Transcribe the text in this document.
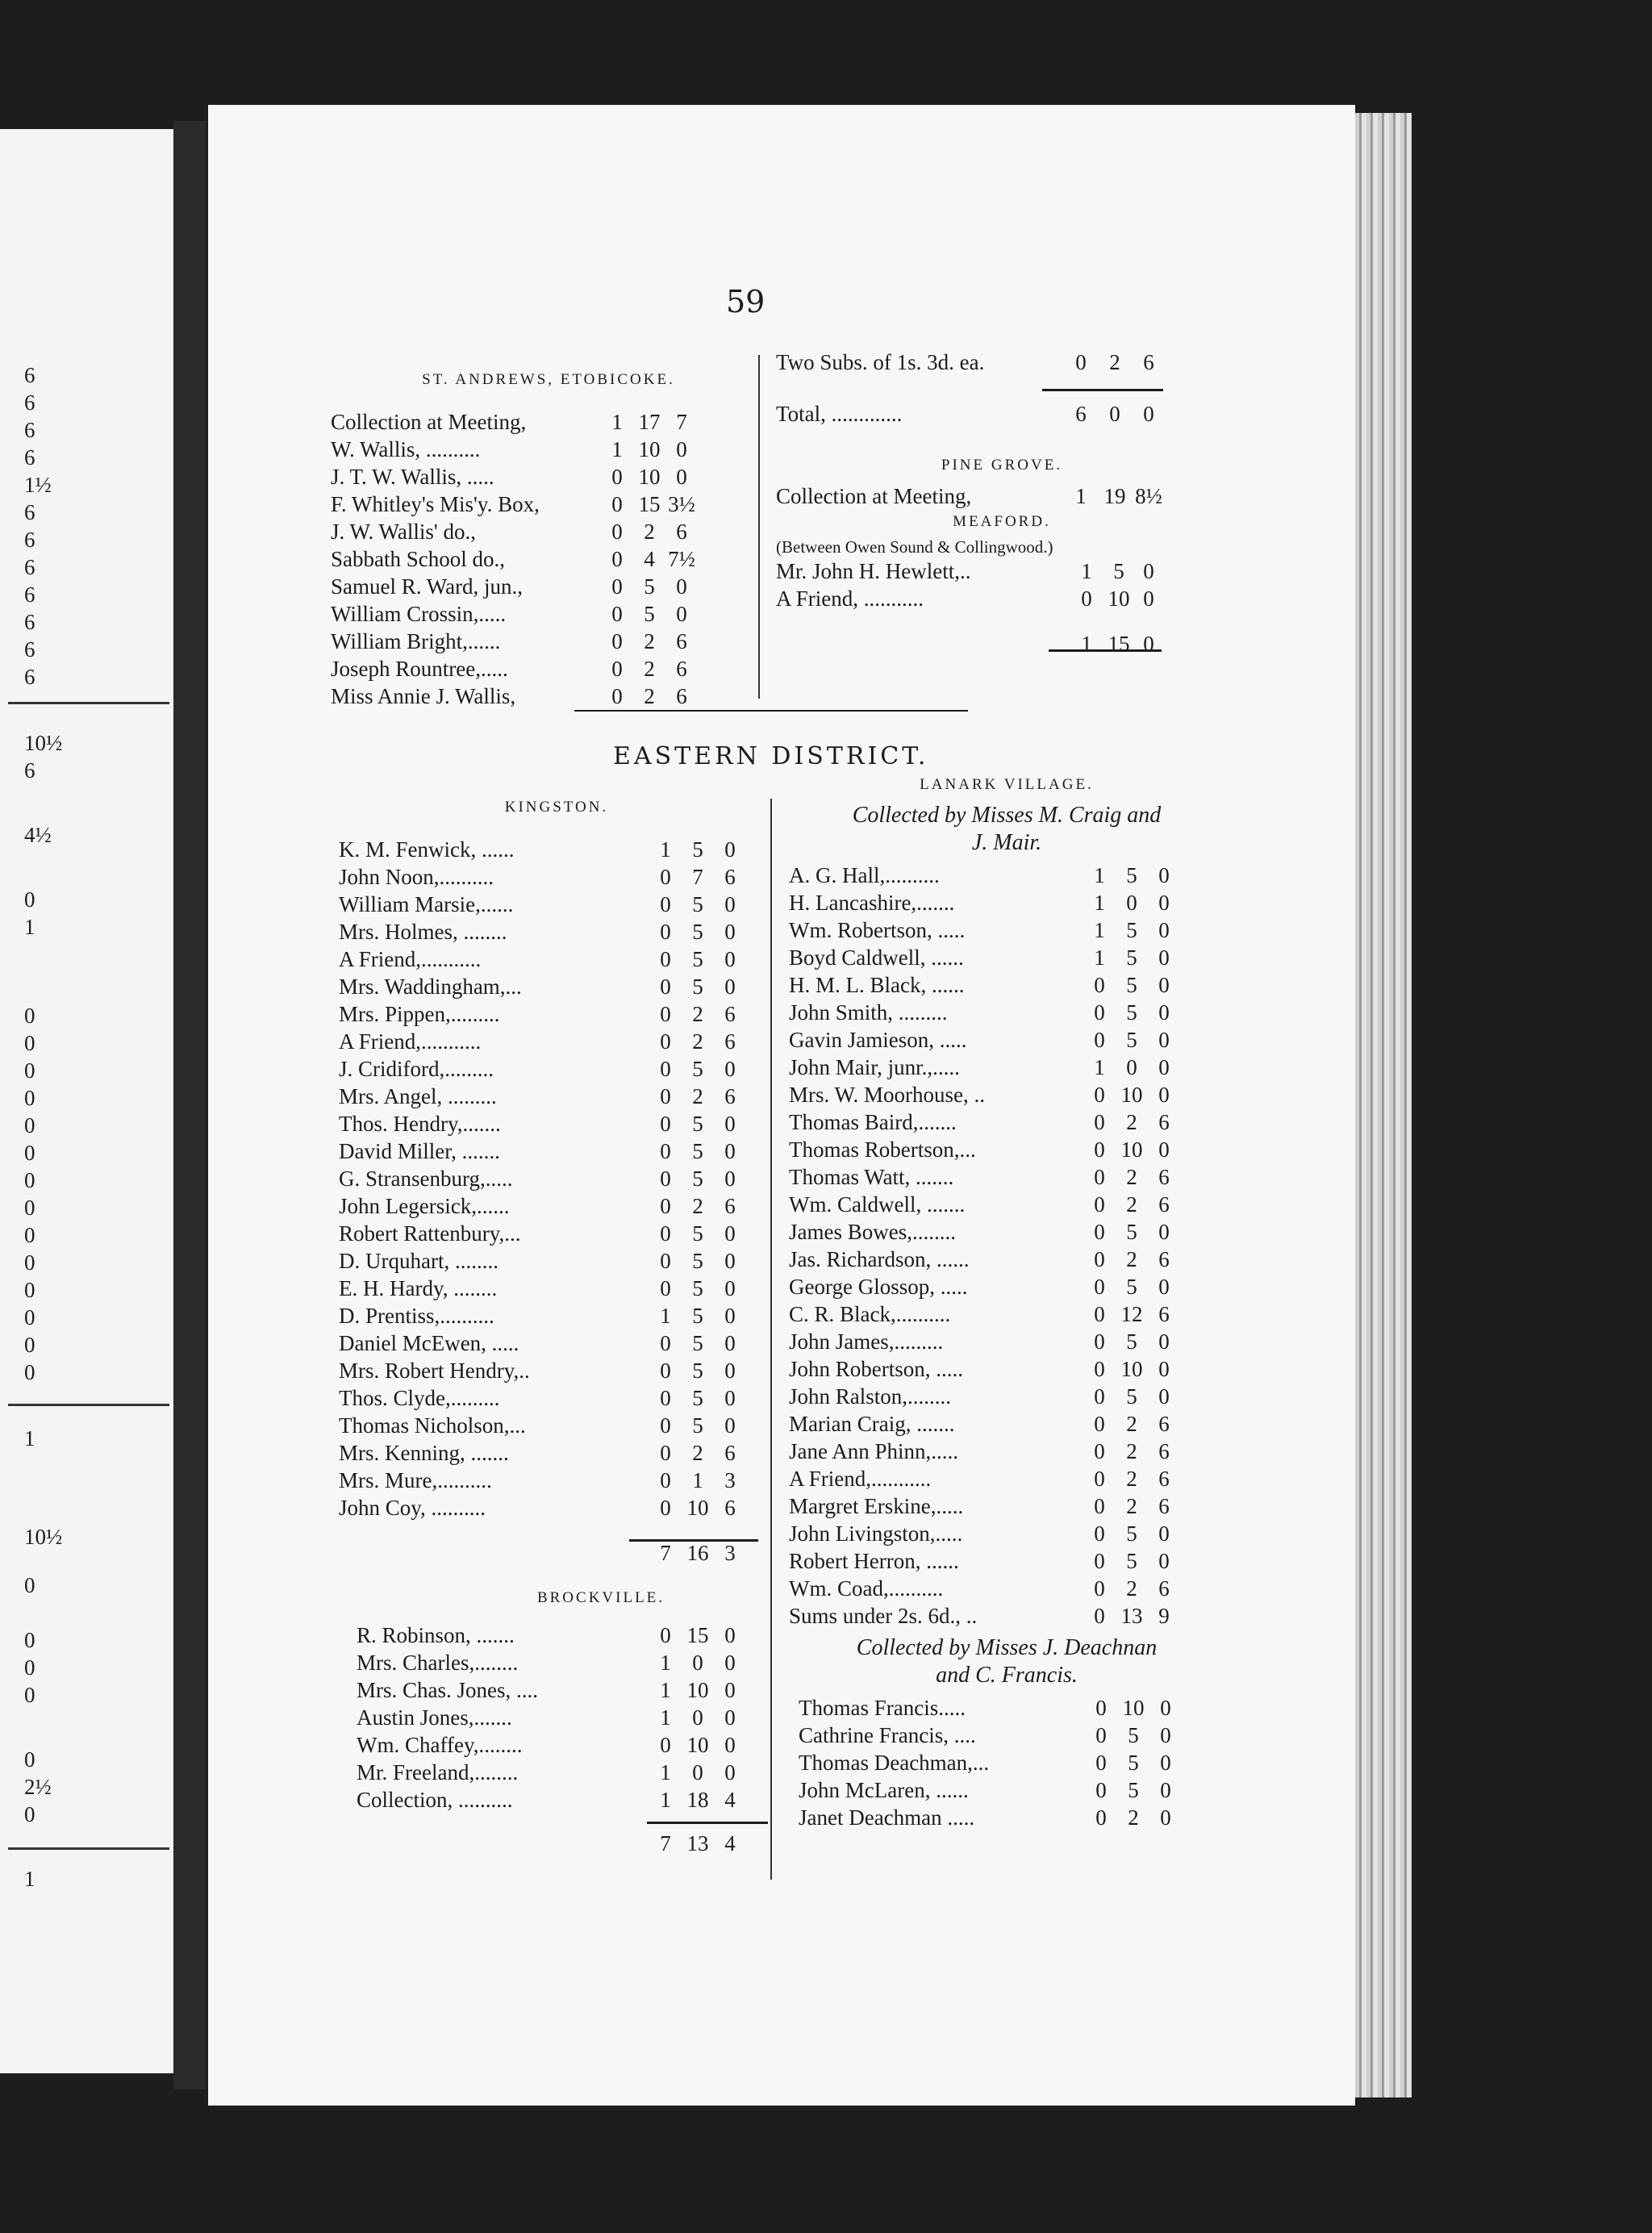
6
6
6
6
1½
6
6
6
6
6
6
6
10½
6
4½
0
1
0
0
0
0
0
0
0
0
0
0
0
0
0
0
1
10½
0
0
0
0
0
2½
0
1
59
ST. ANDREWS, ETOBICOKE.
Collection at Meeting,	1 17 7
W. Wallis, ..........	1 10 0
J. T. W. Wallis, .....	0 10 0
F. Whitley's Mis'y. Box,	0 15 3½
J. W. Wallis' do.,	0 2 6
Sabbath School do.,	0 4 7½
Samuel R. Ward, jun.,	0 5 0
William Crossin,.....	0 5 0
William Bright,......	0 2 6
Joseph Rountree,.....	0 2 6
Miss Annie J. Wallis,	0 2 6
Two Subs. of 1s. 3d. ea.	0	2	6
Total, .............	6	0	0
PINE GROVE.
Collection at Meeting,	1 19 8½
MEAFORD.
(Between Owen Sound & Collingwood.)
Mr. John H. Hewlett,..	1 5 0
A Friend, ...........	0 10 0
1 15 0
EASTERN DISTRICT.
KINGSTON.
K. M. Fenwick, ......	1 5 0
John Noon,..........	0 7 6
William Marsie,......	0 5 0
Mrs. Holmes, ........	0 5 0
A Friend,...........	0 5 0
Mrs. Waddingham,...	0 5 0
Mrs. Pippen,.........	0 2 6
A Friend,...........	0 2 6
J. Cridiford,.........	0 5 0
Mrs. Angel, .........	0 2 6
Thos. Hendry,.......	0 5 0
David Miller, .......	0 5 0
G. Stransenburg,.....	0 5 0
John Legersick,......	0 2 6
Robert Rattenbury,...	0 5 0
D. Urquhart, ........	0 5 0
E. H. Hardy, ........	0 5 0
D. Prentiss,..........	1 5 0
Daniel McEwen, .....	0 5 0
Mrs. Robert Hendry,..	0 5 0
Thos. Clyde,.........	0 5 0
Thomas Nicholson,...	0 5 0
Mrs. Kenning, .......	0 2 6
Mrs. Mure,..........	0 1 3
John Coy, ..........	0 10 6
7 16 3
BROCKVILLE.
R. Robinson, .......	0 15 0
Mrs. Charles,........	1 0 0
Mrs. Chas. Jones, ....	1 10 0
Austin Jones,.......	1 0 0
Wm. Chaffey,........	0 10 0
Mr. Freeland,........	1 0 0
Collection, ..........	1 18 4
7 13 4
LANARK VILLAGE.
Collected by Misses M. Craig and
J. Mair.
A. G. Hall,..........	1 5 0
H. Lancashire,.......	1 0 0
Wm. Robertson, .....	1 5 0
Boyd Caldwell, ......	1 5 0
H. M. L. Black, ......	0 5 0
John Smith, .........	0 5 0
Gavin Jamieson, .....	0 5 0
John Mair, junr.,.....	1 0 0
Mrs. W. Moorhouse, ..	0 10 0
Thomas Baird,.......	0 2 6
Thomas Robertson,...	0 10 0
Thomas Watt, .......	0 2 6
Wm. Caldwell, .......	0 2 6
James Bowes,........	0 5 0
Jas. Richardson, ......	0 2 6
George Glossop, .....	0 5 0
C. R. Black,..........	0 12 6
John James,.........	0 5 0
John Robertson, .....	0 10 0
John Ralston,........	0 5 0
Marian Craig, .......	0 2 6
Jane Ann Phinn,.....	0 2 6
A Friend,...........	0 2 6
Margret Erskine,.....	0 2 6
John Livingston,.....	0 5 0
Robert Herron, ......	0 5 0
Wm. Coad,..........	0 2 6
Sums under 2s. 6d., ..	0 13 9
Collected by Misses J. Deachnan
and C. Francis.
Thomas Francis.....	0 10 0
Cathrine Francis, ....	0 5 0
Thomas Deachman,...	0 5 0
John McLaren, ......	0 5 0
Janet Deachman .....	0 2 0
